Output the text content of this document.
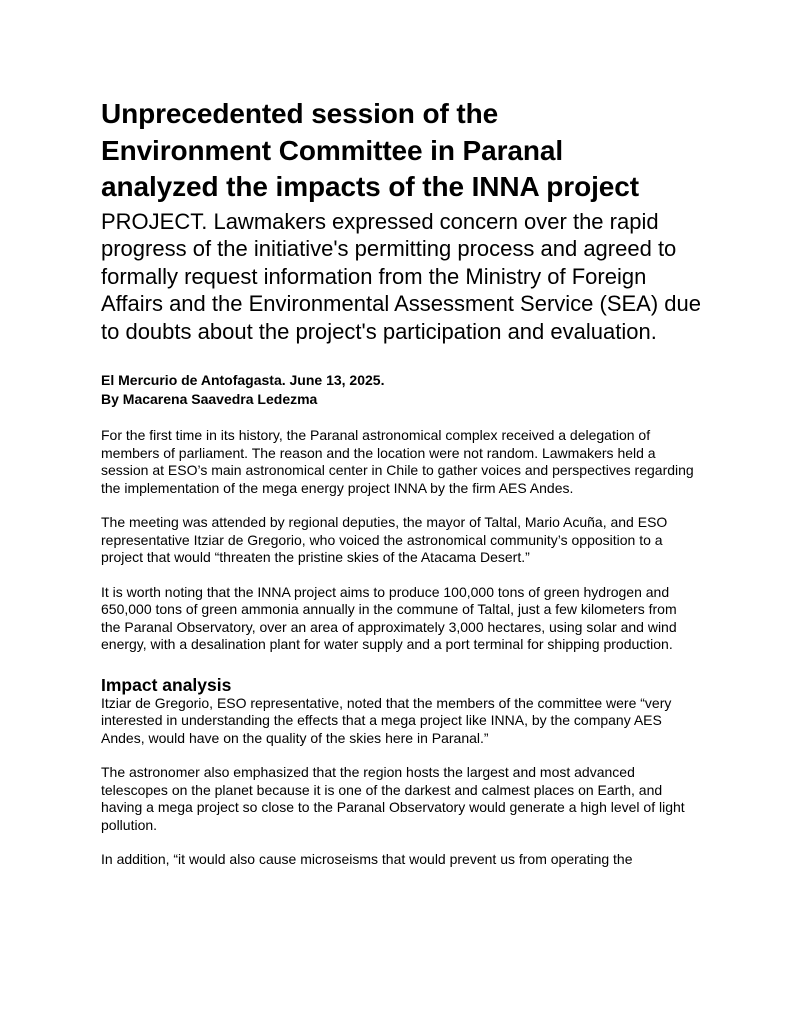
Unprecedented session of the
Environment Committee in Paranal
analyzed the impacts of the INNA project

PROJECT. Lawmakers expressed concern over the rapid progress of the initiative's permitting process and agreed to formally request information from the Ministry of Foreign Affairs and the Environmental Assessment Service (SEA) due to doubts about the project's participation and evaluation.

El Mercurio de Antofagasta. June 13, 2025.
By Macarena Saavedra Ledezma

For the first time in its history, the Paranal astronomical complex received a delegation of members of parliament. The reason and the location were not random. Lawmakers held a session at ESO’s main astronomical center in Chile to gather voices and perspectives regarding the implementation of the mega energy project INNA by the firm AES Andes.

The meeting was attended by regional deputies, the mayor of Taltal, Mario Acuña, and ESO representative Itziar de Gregorio, who voiced the astronomical community’s opposition to a project that would “threaten the pristine skies of the Atacama Desert.”

It is worth noting that the INNA project aims to produce 100,000 tons of green hydrogen and 650,000 tons of green ammonia annually in the commune of Taltal, just a few kilometers from the Paranal Observatory, over an area of approximately 3,000 hectares, using solar and wind energy, with a desalination plant for water supply and a port terminal for shipping production.

Impact analysis

Itziar de Gregorio, ESO representative, noted that the members of the committee were “very interested in understanding the effects that a mega project like INNA, by the company AES Andes, would have on the quality of the skies here in Paranal.”

The astronomer also emphasized that the region hosts the largest and most advanced telescopes on the planet because it is one of the darkest and calmest places on Earth, and having a mega project so close to the Paranal Observatory would generate a high level of light pollution.

In addition, “it would also cause microseisms that would prevent us from operating the
